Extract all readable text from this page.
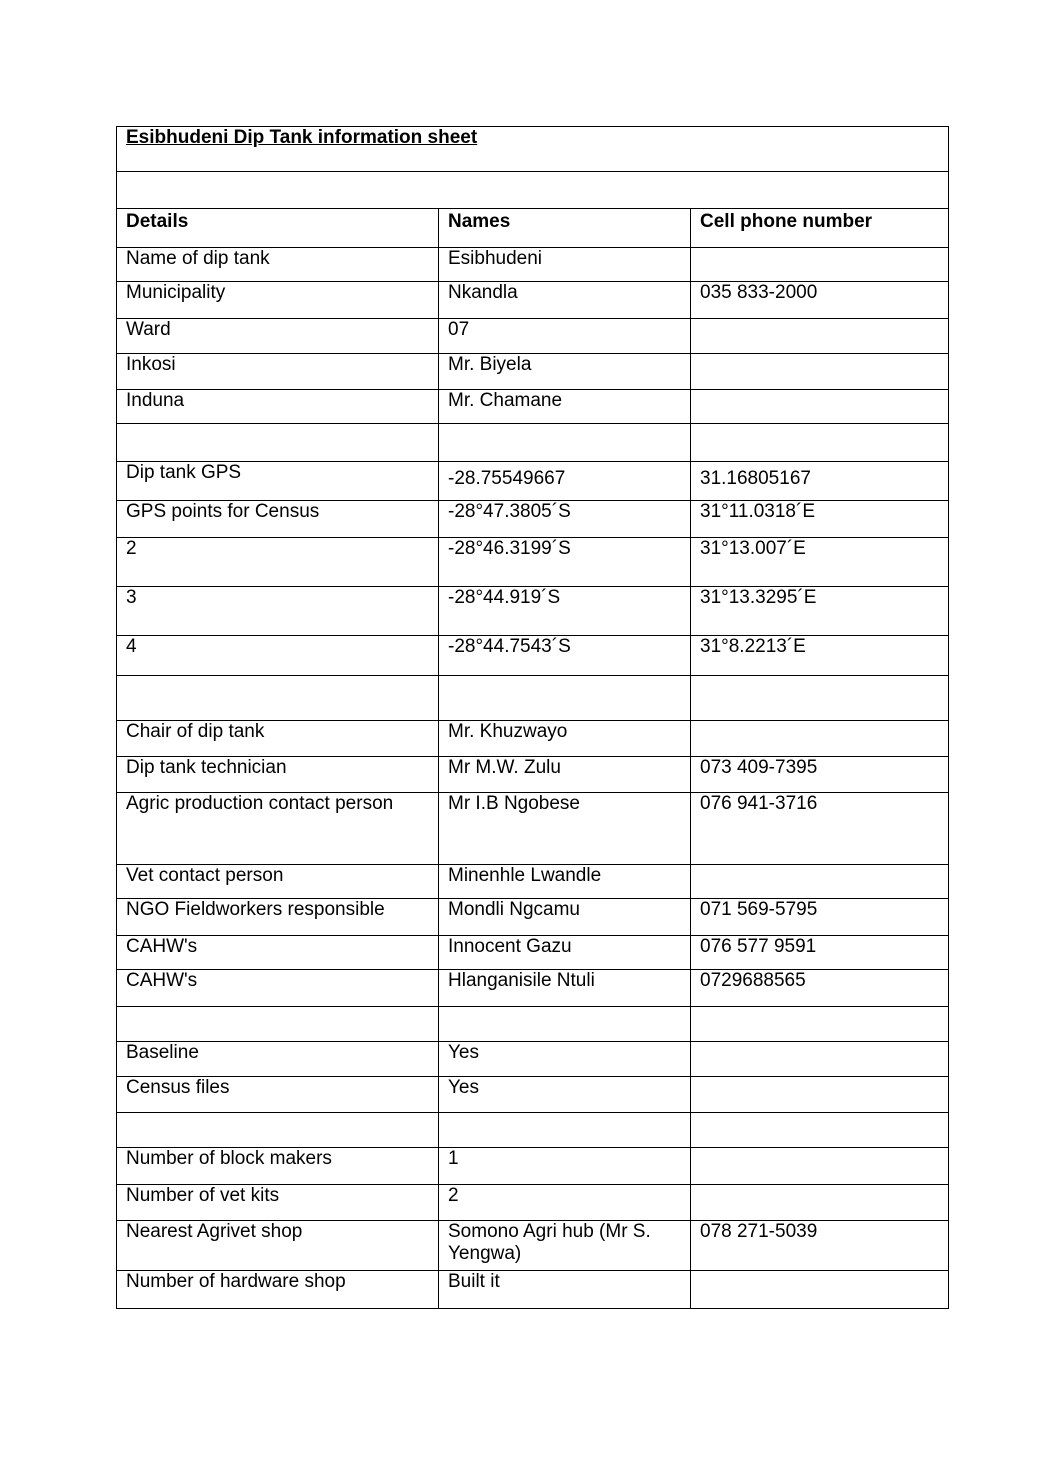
Esibhudeni Dip Tank information sheet		

Details	Names	Cell phone number
Name of dip tank	Esibhudeni	
Municipality	Nkandla	035 833-2000
Ward	07	
Inkosi	Mr. Biyela	
Induna	Mr. Chamane	

Dip tank GPS	-28.75549667	31.16805167

GPS points for Census	-28°47.3805´S	31°11.0318´E
2	-28°46.3199´S	31°13.007´E
3	-28°44.919´S	31°13.3295´E
4	-28°44.7543´S	31°8.2213´E

Chair of dip tank	Mr. Khuzwayo	
Dip tank technician	Mr M.W. Zulu	073 409-7395
Agric production contact person	Mr I.B Ngobese	076 941-3716
Vet contact person	Minenhle Lwandle	
NGO Fieldworkers responsible	Mondli Ngcamu	071 569-5795
CAHW's	Innocent Gazu	076 577 9591
CAHW's	Hlanganisile Ntuli	0729688565

Baseline	Yes	
Census files	Yes	

Number of block makers	1	
Number of vet kits	2	
Nearest Agrivet shop	Somono Agri hub (Mr S. Yengwa)	078 271-5039
Number of hardware shop	Built it	
